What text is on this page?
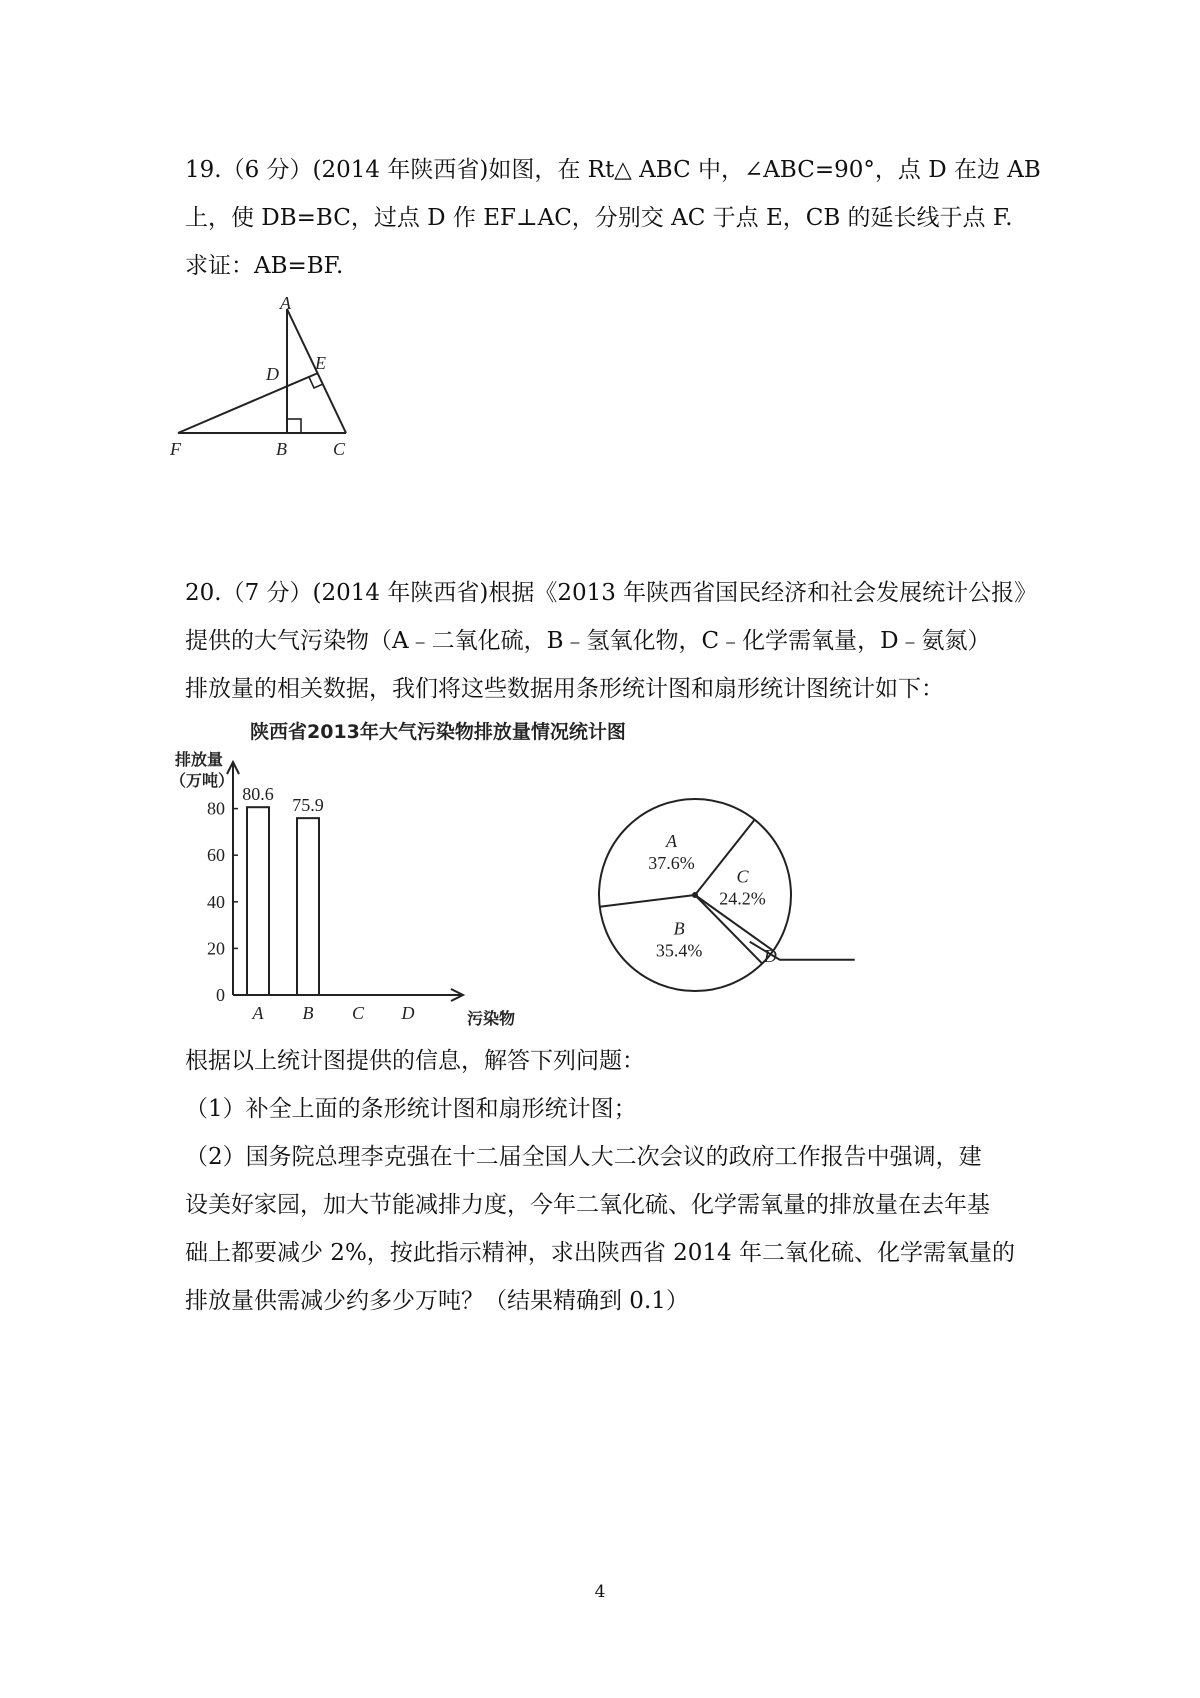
19.（6 分）(2014 年陕西省)如图，在 Rt△ ABC 中，∠ABC=90°，点 D 在边 AB
上，使 DB=BC，过点 D 作 EF⊥AC，分别交 AC 于点 E，CB 的延长线于点 F.
求证：AB=BF.
A
D
E
F	B	C
20.（7 分）(2014 年陕西省)根据《2013 年陕西省国民经济和社会发展统计公报》
提供的大气污染物（A﹣二氧化硫，B﹣氢氧化物，C﹣化学需氧量，D﹣氨氮）
排放量的相关数据，我们将这些数据用条形统计图和扇形统计图统计如下：
陕西省2013年大气污染物排放量情况统计图
排放量
（万吨）
污染物
0
20
40
60
80
80.6
A
75.9
B C D
A
37.6%
C
24.2%
D
B
35.4%
根据以上统计图提供的信息，解答下列问题：
（1）补全上面的条形统计图和扇形统计图；
（2）国务院总理李克强在十二届全国人大二次会议的政府工作报告中强调，建
设美好家园，加大节能减排力度，今年二氧化硫、化学需氧量的排放量在去年基
础上都要减少 2%，按此指示精神，求出陕西省 2014 年二氧化硫、化学需氧量的
排放量供需减少约多少万吨？（结果精确到 0.1）
4
